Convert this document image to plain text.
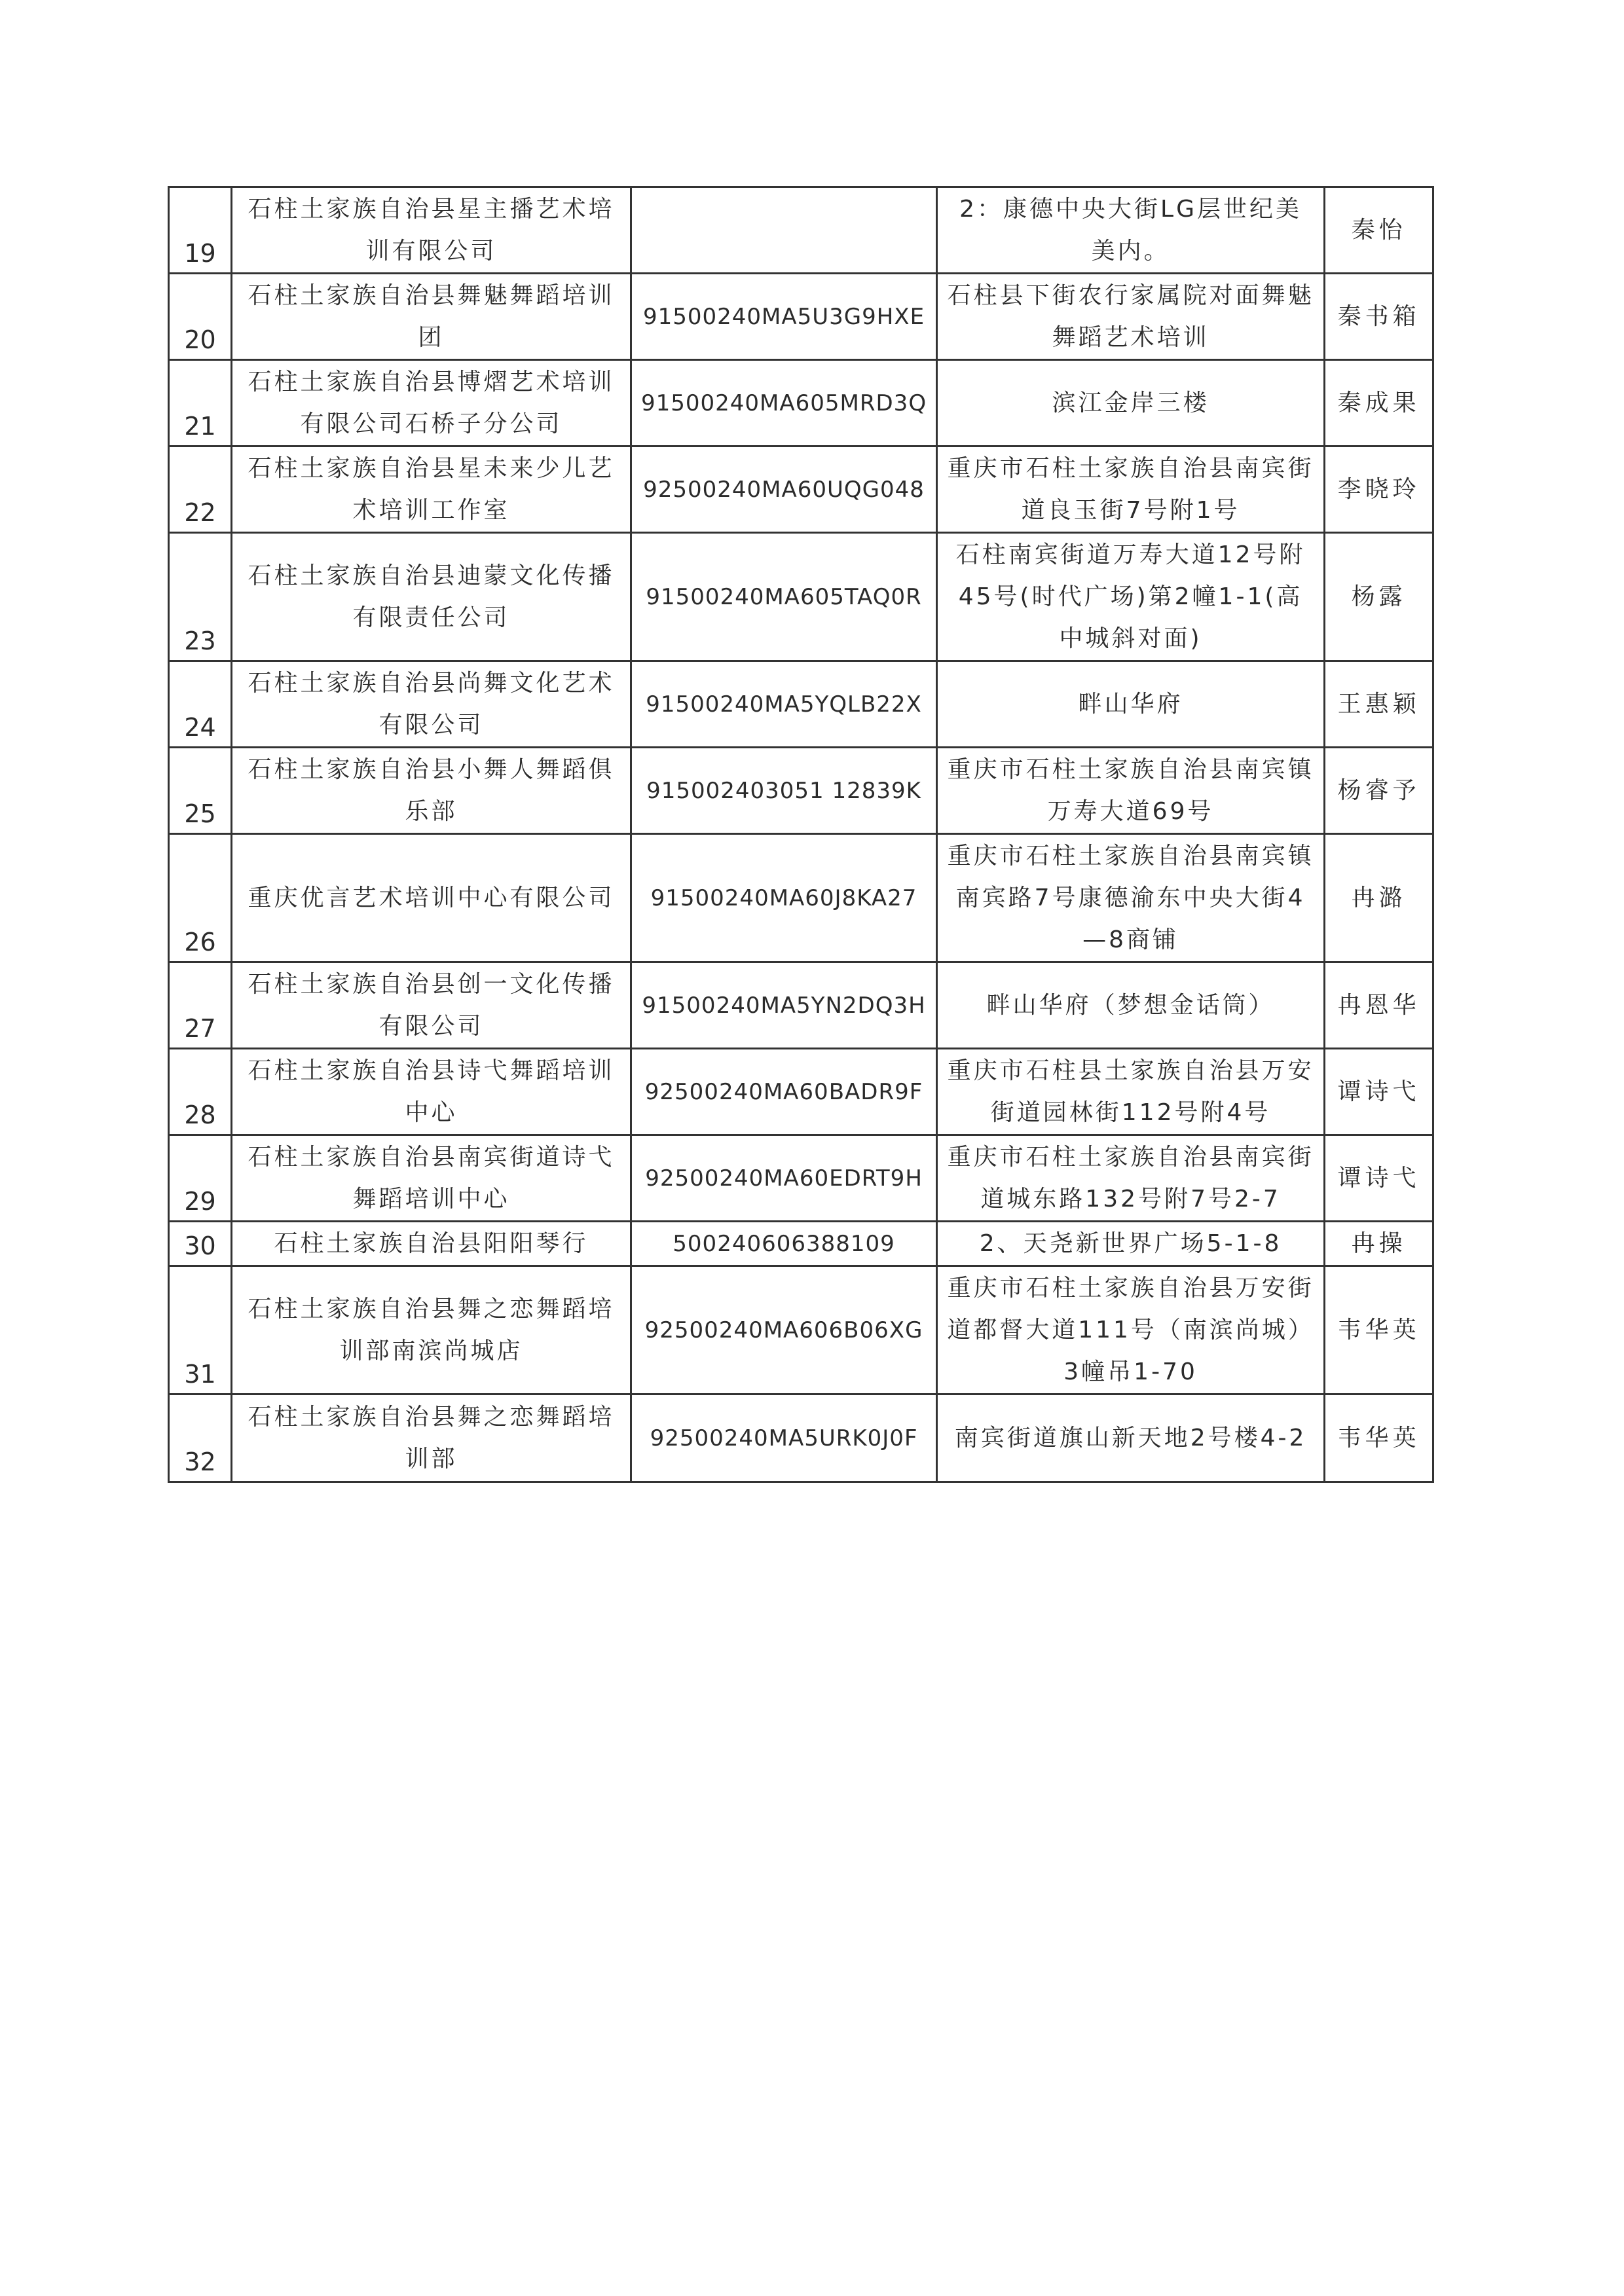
19	石柱土家族自治县星主播艺术培训有限公司		2：康德中央大街LG层世纪美美内。	秦怡
20	石柱土家族自治县舞魅舞蹈培训团	91500240MA5U3G9HXE	石柱县下街农行家属院对面舞魅舞蹈艺术培训	秦书箱
21	石柱土家族自治县博熠艺术培训有限公司石桥子分公司	91500240MA605MRD3Q	滨江金岸三楼	秦成果
22	石柱土家族自治县星未来少儿艺术培训工作室	92500240MA60UQG048	重庆市石柱土家族自治县南宾街道良玉街7号附1号	李晓玲
23	石柱土家族自治县迪蒙文化传播有限责任公司	91500240MA605TAQ0R	石柱南宾街道万寿大道12号附45号(时代广场)第2幢1-1(高中城斜对面)	杨露
24	石柱土家族自治县尚舞文化艺术有限公司	91500240MA5YQLB22X	畔山华府	王惠颖
25	石柱土家族自治县小舞人舞蹈俱乐部	915002403051 12839K	重庆市石柱土家族自治县南宾镇万寿大道69号	杨睿予
26	重庆优言艺术培训中心有限公司	91500240MA60J8KA27	重庆市石柱土家族自治县南宾镇南宾路7号康德渝东中央大街4—8商铺	冉潞
27	石柱土家族自治县创一文化传播有限公司	91500240MA5YN2DQ3H	畔山华府（梦想金话筒）	冉恩华
28	石柱土家族自治县诗弋舞蹈培训中心	92500240MA60BADR9F	重庆市石柱县土家族自治县万安街道园林街112号附4号	谭诗弋
29	石柱土家族自治县南宾街道诗弋舞蹈培训中心	92500240MA60EDRT9H	重庆市石柱土家族自治县南宾街道城东路132号附7号2-7	谭诗弋
30	石柱土家族自治县阳阳琴行	500240606388109	2、天尧新世界广场5-1-8	冉操
31	石柱土家族自治县舞之恋舞蹈培训部南滨尚城店	92500240MA606B06XG	重庆市石柱土家族自治县万安街道都督大道111号（南滨尚城）3幢吊1-70	韦华英
32	石柱土家族自治县舞之恋舞蹈培训部	92500240MA5URK0J0F	南宾街道旗山新天地2号楼4-2	韦华英
